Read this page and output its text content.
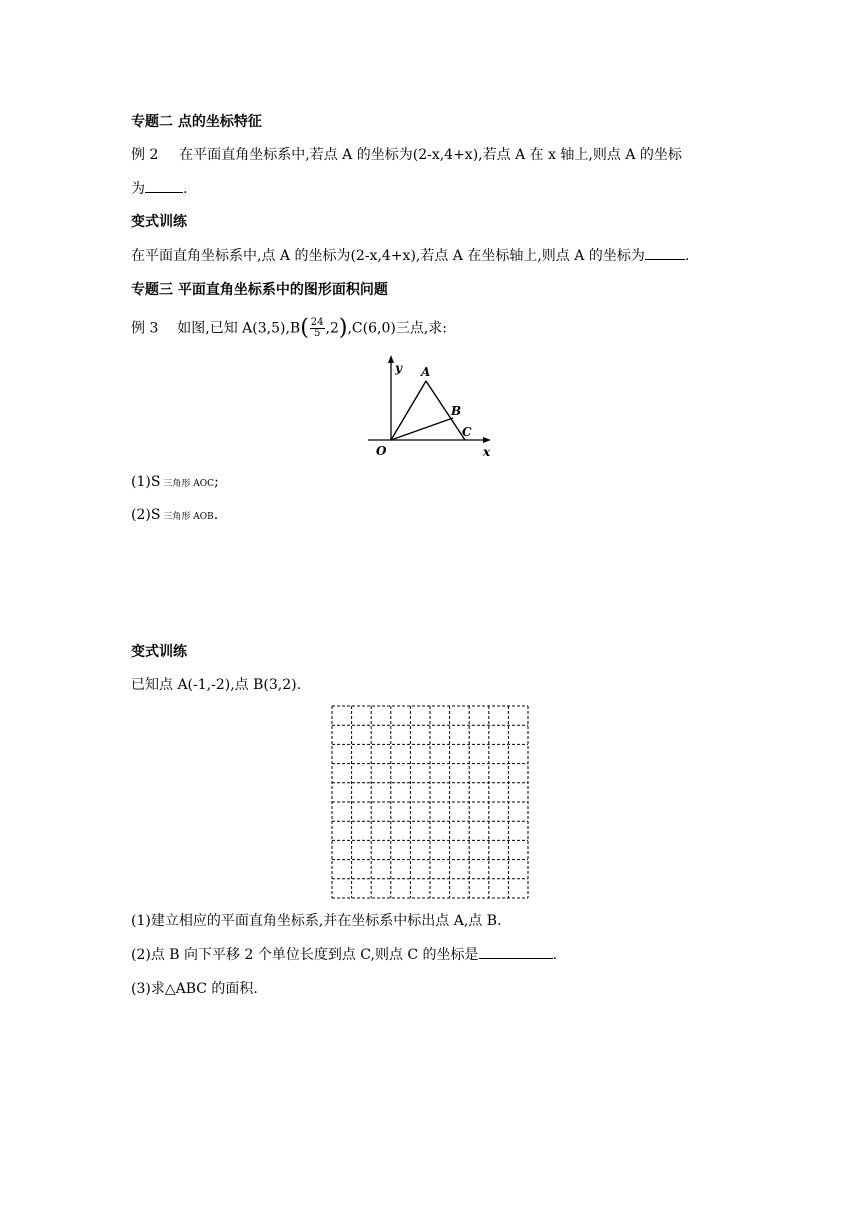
专题二 点的坐标特征
例 2 在平面直角坐标系中,若点 A 的坐标为(2-x,4+x),若点 A 在 x 轴上,则点 A 的坐标
为	.
变式训练
在平面直角坐标系中,点 A 的坐标为(2-x,4+x),若点 A 在坐标轴上,则点 A 的坐标为	.
专题三 平面直角坐标系中的图形面积问题
例 3 如图,已知 $A(3,5),B( \frac{24}{5} ,2),C(6,0)$三点,求:
y A
B
C
O	x
(1)S 三角形 AOC;
(2)S 三角形 AOB.
变式训练
已知点 A(-1,-2),点 B(3,2).
(1)建立相应的平面直角坐标系,并在坐标系中标出点 A,点 B.
(2)点 B 向下平移 2 个单位长度到点 C,则点 C 的坐标是	.
(3)求△ABC 的面积.
